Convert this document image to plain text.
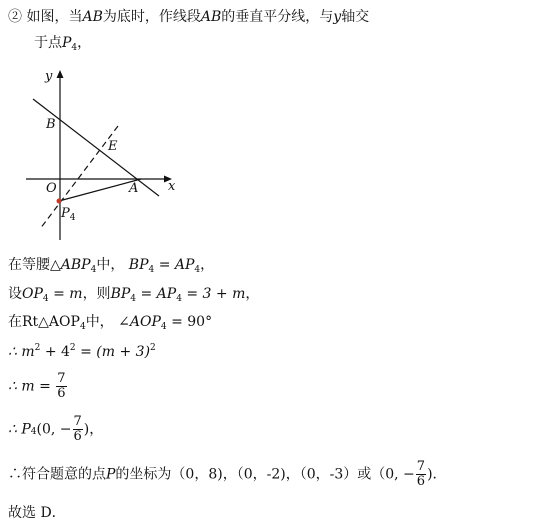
② 如图，当AB为底时，作线段AB的垂直平分线，与y轴交
于点$P_4$，
y
x
B
E
O	A
$P_4$
在等腰$\triangle ABP_4$中， $BP_4 = AP_4$，
设$OP_4 = m$，则$BP_4 = AP_4 = 3 + m$，
在$Rt\triangle AOP_4$中， $\angle AOP_4 = 90^\circ$
∴ $m^2 + 4^2 = (m + 3)^2$
∴ $m = \frac{7}{6}$
∴ $P_4(0$, − $\frac{7}{6}$ )，
∴符合题意的点P的坐标为（0，8)，（0，-2)，（0，-3）或（0, − $\frac{7}{6}$ )．
故选 D．
